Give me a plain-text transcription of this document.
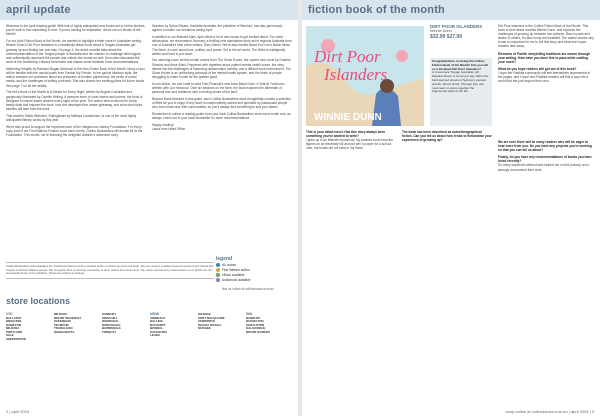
april update

Welcome to the April reading guide! With lots of highly anticipated new books set to hit the shelves, you're sure to find something to love. If you're looking for inspiration, check out our Books of the Month!

For our April Fiction Book of the Month, we wanted to highlight a fresh voice in Australian writing. Winnie Dunn's Dirt Poor Islanders is a beautifully drawn book about a Tongan-Australian girl growing up and finding her own way. On page 3, the debut novelist talks about the underrepresentation of the Tongan people in Australia and her mission to challenge stereotypes and authentically represent the people and culture she knows so well. Dunn also discusses the work of the Sweatshop Literacy Movement and shares some fantastic book recommendations.

Mothering Heights by Rachael Mogan McIntosh is the Non-Fiction Book of the Month. Many of you will be familiar with her candid posts from Pardon My French. In her typical hilarious style, the author answers our questions about the pressures of modern parenthood, the perils of social media, and the challenges of writing a memoir. She also shares her exciting plans for future books. See page 7 for all the details.

The Kid's Book of the Month is A Dream for Every Night, written by Angela Coaldrake and gorgeously illustrated by Camille Heiling. A treasure-trove of short stories and poems, the book is designed to inspire sweet dreams every night of the year. The author tells us about the lovely family ritual that inspired the book, how she developed the dream giveaway, and what she hopes families will take from the book.

This month's Stella Selection, Edenglassie by Melissa Lucashenko, is one of the most highly anticipated literary works by this year.

We're also proud to support the important work of the Indigenous Literacy Foundation. For every copy sold of our First Nations Feature book each month, Collins Booksellers will donate $1 to the Foundation. This month, we're featuring the delightful children's adventure story

Warriors by Sylvia Elisara. Hachette Australia, the publisher of Warriors, has also generously agreed to match our donations during April.

In addition to our featured titles, April offers a lot of new books to get excited about. For crime aficionados, we recommend Scorcery, a thrilling new standalone story set in regional Australia from one of Australia's best crime writers, Gary Disher. We're also excited about Eve Lee's fiction debut The Work, a novel about love, politics, and power. Set in the art world, The Work is intelligently written and hard to put down.

Our stunning cover art this month comes from The Gloss House, the superb new novel by Graeme Simsion and Anne Buist. Peppered with vignettes about patient mental health crises, the story delves into the challenges of balancing relationships, identity, and a difficult work environment. The Gloss House is an unflinching portrayal of the mental health system, and the kinds of people struggling to make it work for the greater good.

In non-fiction, we can't wait to read Fran Pisanski's new book Black Duck: A Year at Yumburra-writhen with Lyn Harwood. Over six seasons on the farm, the book explores the aftermath of personal loss and resilience with a moving sense of the land.

Beyond those featured in this guide, each Collins Booksellers store thoughtfully curates a selection of titles for you to enjoy. Every store is independently owned and operated by passionate people who love books and their communities, so you'll always find something to suit your tastes.

Remember to collect a reading guide from your local Collins Booksellers store each month and, as always, reach out to your local bookseller for more recommendations.

Happy reading!
Laura from Head Office
legend
AU author
First Nations author
eBook available
Audiobook available
Collins Booksellers acknowledges the Traditional Owners of the unceded lands on which we work and trade. We pay respect to Elders past and present and extend that respect to all First Nations people. We recognise their continuing connection to land, waters and community. The views expressed by interviewees in our Q&As are not necessarily those of the publisher. Prices are subject to change.
find us online at collinsbooks.com.au
store locations
VIC
BALLARAT
BRIGHTON
HAMILTON
MILDURA
PORTLAND
SALE
SHEPPARTON
MILDURA
MOUNT WAVERLEY
PAKENHAM
SEYMOUR
TRARALGON
WANGARATTA
SUNBURY
SWAN HILL
WARRAGUL
WONTHAGGI
BAIRNSDALE
TORQUAY
NSW
ARMIDALE
BALLINA
BATHURST
BOWRAL
GOULBURN
LEURA
ORANGE
PORT MACQUARIE
TAMWORTH
WAGGA WAGGA
MUDGEE
WA
BUNBURY
BUSSELTON
GERALDTON
KALGOORLIE
MOUNT BARKER
2 | april 2024
fiction book of the month
Dirt Poor
Islanders
WINNIE DUNN
DIRT POOR ISLANDERS
Winnie Dunn
$32.99 $27.99
Congratulations on being the Collins Fiction Book of the Month! Can you tell us a bit about Dirt Poor Islanders?
A mixed-race Tongan Australian girl, Meadow Reed, is coming of age within the hard-learned streets of Sydney's poorest suburb, Mount Druitt. Through this, she must learn to piece together the fragmented parts of her life.
Dirt Poor Islanders is the Collins Fiction Book of the Month. This book is from debut novelist Winnie Dunn, and explores the challenges of growing up between two cultures. Raw in parts and tender in others, it's also funny and heartfelt. The author shares why it was so important for her to tell this story and what she hopes readers take away.
Elements of Pacific storytelling traditions are woven through your writing. How have you done this to pass while crafting your novel?
What do you hope readers will get out of this book?
I hope the Pasifika community will see themselves represented in the pages, and I hope non-Pasifika readers will find a way into a world that sits just beyond their own.
This is your debut novel. Has this story always been something you've wanted to write?
I grew up in an illiterate household. My parents could read the figures on an electricity bill and put pen to paper for a school note, but books did not exist in my home.
The book has been described as autoethnographical fiction. Can you tell us about how it was to fictionalise your experience of growing up?	We are sure there will be many readers who will be eager to hear more from you. Do you have any projects you're working on that you can tell us about?
Finally, do you have any recommendations of books you have loved recently?
So many wonderful writers have helped me on this journey, and I strongly recommend their work.
shop online at collinsbooks.com.au | april 2024 | 3
